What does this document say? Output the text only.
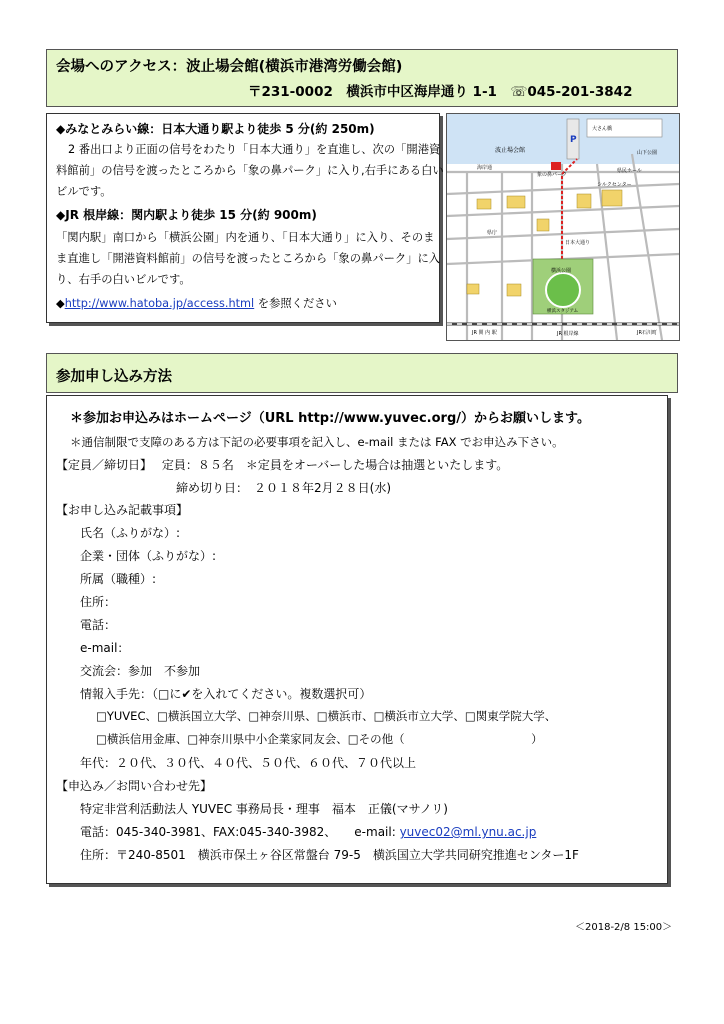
会場へのアクセス：波止場会館(横浜市港湾労働会館)
〒231-0002　横浜市中区海岸通り 1-1　☏045-201-3842
◆みなとみらい線：日本大通り駅より徒歩 5 分(約 250m)
2 番出口より正面の信号をわたり「日本大通り」を直進し、次の「開港資
料館前」の信号を渡ったところから「象の鼻パーク」に入り,右手にある白い
ビルです。
◆JR 根岸線：関内駅より徒歩 15 分(約 900m)
「関内駅」南口から「横浜公園」内を通り、「日本大通り」に入り、そのま
ま直進し「開港資料館前」の信号を渡ったところから「象の鼻パーク」に入
り、右手の白いビルです。
◆http://www.hatoba.jp/access.html を参照ください
波止場会館
P
象の鼻パーク
シルクセンター
県民ホール
日本大通り
県庁
横浜公園
横浜スタジアム
JR 関 内 駅	JR 根岸線	JR石川町
海岸通
大さん橋
山下公園
参加申し込み方法
＊参加お申込みはホームページ（URL http://www.yuvec.org/）からお願いします。
＊通信制限で支障のある方は下記の必要事項を記入し、e-mail または FAX でお申込み下さい。
【定員／締切日】　 定員：８５名　＊定員をオーバーした場合は抽選といたします。
締め切り日：　２０１８年2月２８日(水)
【お申し込み記載事項】
氏名（ふりがな）:
企業・団体（ふりがな）:
所属（職種）:
住所：
電話：
e-mail：
交流会：参加　不参加
情報入手先：（□に✔を入れてください。複数選択可）
□YUVEC、□横浜国立大学、□神奈川県、□横浜市、□横浜市立大学、□関東学院大学、
□横浜信用金庫、□神奈川県中小企業家同友会、□その他（　　　　　　　　　　　）
年代：２０代、３０代、４０代、５０代、６０代、７０代以上
【申込み／お問い合わせ先】
特定非営利活動法人 YUVEC 事務局長・理事　福本　正儀(マサノリ)
電話：045-340-3981、FAX:045-340-3982、　　e-mail: yuvec02@ml.ynu.ac.jp
住所：〒240-8501　横浜市保土ヶ谷区常盤台 79-5　横浜国立大学共同研究推進センター1F
＜2018-2/8 15:00＞
